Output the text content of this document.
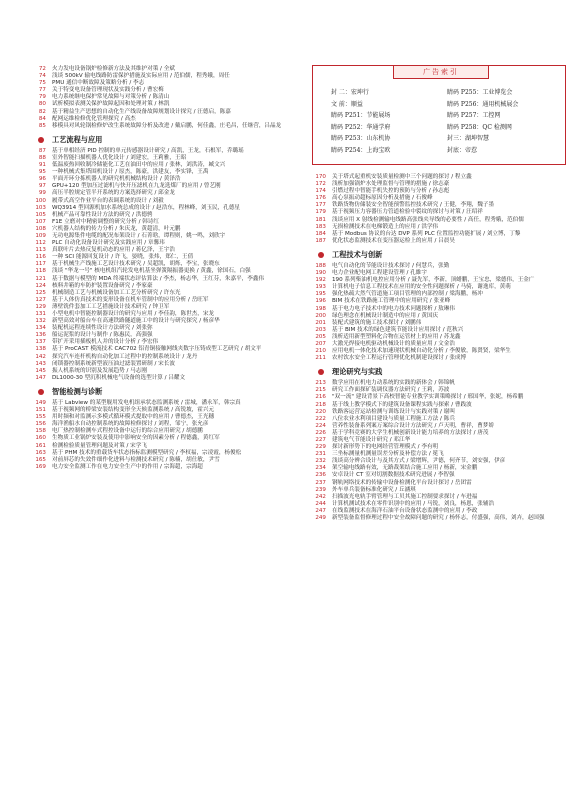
72 火力发电设备锅炉检修新方法及其维护对策 / 全斌
74 浅谈 500kV 输电线路防雷保护措施及实际应用 / 范伯儒，程秀娥，周任
75 PMU 通信中断故障及策略分析 / 李志
77 关于特变电设备管理现状及实践分析 / 曹宏梅
79 电力系统继电保护常见故障与对策分析 / 陈清山
80 试析模拟表测关保护故障起因和处理对策 / 林凯
82 基于精益生产思想的自动化生产线设备故障规划设计探究 / 汪德启，陈嘉
84 配网运维检修优化管理探究 / 高杰
85 移模具对风轮锅检修炉改生系统故障分析及改进 / 戴启鹏，何佳鑫，庄毛昌，任继营，吕晶龙
工艺流程与应用
87 基于单相经济 PID 控制的单元传感器设计研究 / 高凯，王龙，石根军，乔璐瑶
88 室外智能扫描机器人优化设计 / 刘建宏，王莉雅，王昭
91 低温废热回收制冷储能化工艺在油田中的应用 / 张林，刘洪涛，臧文兴
95 一种机械式集塔围机设计 / 原杰，陈豪，洪建友，李实锋，王禹
96 平面开环分拣机器人的研究机机械结构设计 / 黄泽浩
97 GPU+120 型加压过滤机与快开压滤机在九龙选煤厂的应用 / 曾艺刚
99 高压半腔规定管半开系统的方案选择研究 / 邱金龙
100 履带式高空作业平台的表调系统的设计 / 刘毅
103 WQ3914 型回源机加水系统总成的设计 / 赵浩东，程林峰，刘玉民，孔德星
105 机械产品可靠性设计方法的研究 / 洪德骋
107 F1E 立磨对中精密调整的研究分析 / 韩诗红
108 穴机器人结构的传力分析 / 朱庆龙，黄超清，叶元鹏
109 无功电源集件电缆的配况布架设计 / 石菁晗，谭程则，姚一鸣，刘欣宇
112 PLC 自动化设备设计研究及实践应用 / 章馨玮
113 真联叶片去热反复机动态的应用 / 蒋亿泽，王宇浩
116 一种 SCI 能源回复设计 / 许飞，晏晓，张炜，郑仁，王倩
117 基于机械生产线施工艺设计技术研究 / 吴超凯，胡烁，李宝，张晓东
118 浅谈 "华龙一号" 核电机组汽轮发电机基坐弹簧隔振器更换 / 黄鑫，徐国石，白强
121 基于数据与模型的 MDA 终端状态评估算法 / 李杰，杨志华，王红芬，朱嘉平，李鑫伟
124 核料井箱的车防护装置设备研究 / 李家豪
125 机械制造工艺与机械设备加工工艺分析研究 / 许东光
127 基于人体仿真技术的变形设备在机车管制中的应用分析 / 岳旺军
129 薄壁铣件套加工工艺措施设计技术研究 / 钟卫军
131 小型电机中智能控制器设计的研究与应用 / 李佳韵，陈世杰，宋龙
132 新型高效对船台车在高速铁路隧道施工中的设计与研究探究 / 杨彦华
134 装配机运程连续性设计方法研究 / 刘张弥
136 船运泥浆的设计与制作 / 陈惠民，高强强
137 带扩开采用插板机人并的设计分析 / 李宏伟
138 基于 ProCAST 模流技术 CAC702 铝青铜接触网线夹数字压铸成型工艺研究 / 胡文平
142 探究汽车连杆机构自动化加工过程中的控制系统设计 / 龙丹
143 闭锁器控制系统新型液压油过滤装置研制 / 宋长波
145 振人机系统的识别及发展趋势 / 马志刚
147 DL1000-30 型沉积机械电气设备的选型计算 / 吕耀文
智能检测与诊断
149 基于 Labview 的某型舰用发电机组承状态监测系统 / 雷城，潘永军，韩宗真
151 基于视频网的桥梁安装结构变形全天候监测系统 / 高锐坡，霍兴元
155 用时频和对监测示多模式循环模式提取中的应用 / 曹德杰，王光穗
156 海洋渔船水自动控制系统的故障检修探讨 / 刘程，邹宁，张允彦
158 电厂热控制检测车式程控设备中运行的综合应用研究 / 胡德鹏
160 生物质工业锅炉安装及使用中影响安全的因素分析 / 程德鑫，黄红军
161 检测检验质量管理问题及对策 / 宋学飞
163 基于 PHM 技术的重载货车状态指标监测模型研究 / 李权福，宗凌霞，杨俊松
165 对前屏芯的失效件细作化进料与检测技术研究 / 陈楠，胡仕敏，尹雪
169 电力安全监测工作在电力安全生产中的作用 / 宗海超，宗海超
广告索引
封 二：宏坤行	睛码 P255：工业博览会
文 前：顺益	睛码 P256：通用机械展会
睛码 P251：节能展场	睛码 P257：工控网
睛码 P252：华通学府	睛码 P258：QC 检测网
睛码 P253：山东机协	封三：湖坤智慧
睛码 P254：上海宝欧	封底：帝惹
170 关于塔式起重机安装质量检测中三个问题的探讨 / 程立鑫
172 浅析加强锅炉水处理监督与管理的措施 / 徐志豪
174 引燃过程中智能手机失控的预防与分析 / 孙志彪
176 高心泵振动超标原因分析及措施 / 石俊峰
177 铁路货物仿储装安全智能预警监控技术研究 / 王健，李翔，魏子墨
179 基于视频压力容器压力管道检验中裂纹的探讨与对策 / 汪绍祥
181 浅谈应用 X 射线检测输电线路高张线夹导线的必要性 / 高任，程秀娥，范伯儒
183 无损检测技术在电梯锻造上的应用 / 洪学伟
184 基于 Modbus 协议的台达 DVP 系列 PLC 位置监控功能扩展 / 刘立博，丁黎
187 优化状态监测技术在变压器运检上的应用 / 吕晨昊
工程技术与创新
188 电气自动化的节能设计技术探讨 / 何慧兵，张勤
190 电力企业配电网工程建设管理 / 孔維宇
192 190 系列柴油机电控应用分析 / 聂先军，李新，顶蜡鹏，王宝忠，梁德伟，王金广
193 计算机电子信息工程技术在应用的安全性问题探析 / 马骑，谢逸库，黄萌
195 强化热疏大然气管道施工项目管理的内部控制 / 梁海鹏，杨冲
196 BIM 技术在铁路施工管理中的应用研究 / 张亚峰
198 基于电力电子技术中的电力技术问题探析 / 敖琳伟
200 绿色理念在机械设计制造中的应用 / 黄国庆
201 装配式建筑的施工技术探讨 / 刘鹏伟
203 基于 BIM 技术的绿色建筑节能设计应用探讨 / 范秋兴
205 浅析适用新型塑料化合物在运管材上的应用 / 苏龙鑫
207 大激光焊接电机驱动机械设计的质量应用 / 文金浩
210 应用电机一体化技术加速现状机械自动化分析 / 李俊敏，陈贤贤，梁华生
211 农村饮水安全工程运行管理优化机制建设探讨 / 张成博
理论研究与实践
213 数学应用在机电力动系统的实践的新体会 / 韩锦帆
215 研究工作面探矿装调仪器方法研究 / 王莉，苏波
216 "双一流" 建设背景下高校智能专业教学实训策略探讨 / 邢国华，张妮，杨希鹏
218 基于线上教学模式下的建筑设备课程实践与探索 / 曹践波
220 铁路客运营运站检测与训练设计与实践对策 / 谢叫
222 八位农业水利项目建设与质量工程施工方法 / 陈兵
224 营养性装备系列案万案综合设计方法研究 / 卢天明，曹祥，曹梦娇
226 基于学科竞赛的大学生机械创新设计能力培养的方法探讨 / 唐茂
227 建筑电气节能设计研究 / 邓江华
229 探讨新形势下的电网经营管理模式 / 李有明
231 三坐标测量机测量误差分析及补偿方法 / 冕飞
232 浅谈高分辨合设计与及其方式 / 梁增辉，尹德，何齐节，刘安强，伊彦
234 架空输电线路有效，无路裁架结合施工应用 / 杨新，宋金鹏
236 安卓设计 CT 室对切割数据技术研究进展 / 李智强
237 钢轨网络技术的传输中设备检测化平台设计探讨 / 岳团雷
239 外车单兵装备标准化研究 / 丘涵琪
242 扫描波光电轨手臂管理与工贝其施工控制要求探讨 / 车进福
244 计算机测试技术在零件识别中的应用 / 马锐，刘良，杨恩，张辅浩
247 在线监测技术在海洋石油平台设备状态监测中的应用 / 李政
249 新型装备监督修理过程中安全故障问题的研究 / 杨怀志，付盛强，高伟，刘卉，赵国强
